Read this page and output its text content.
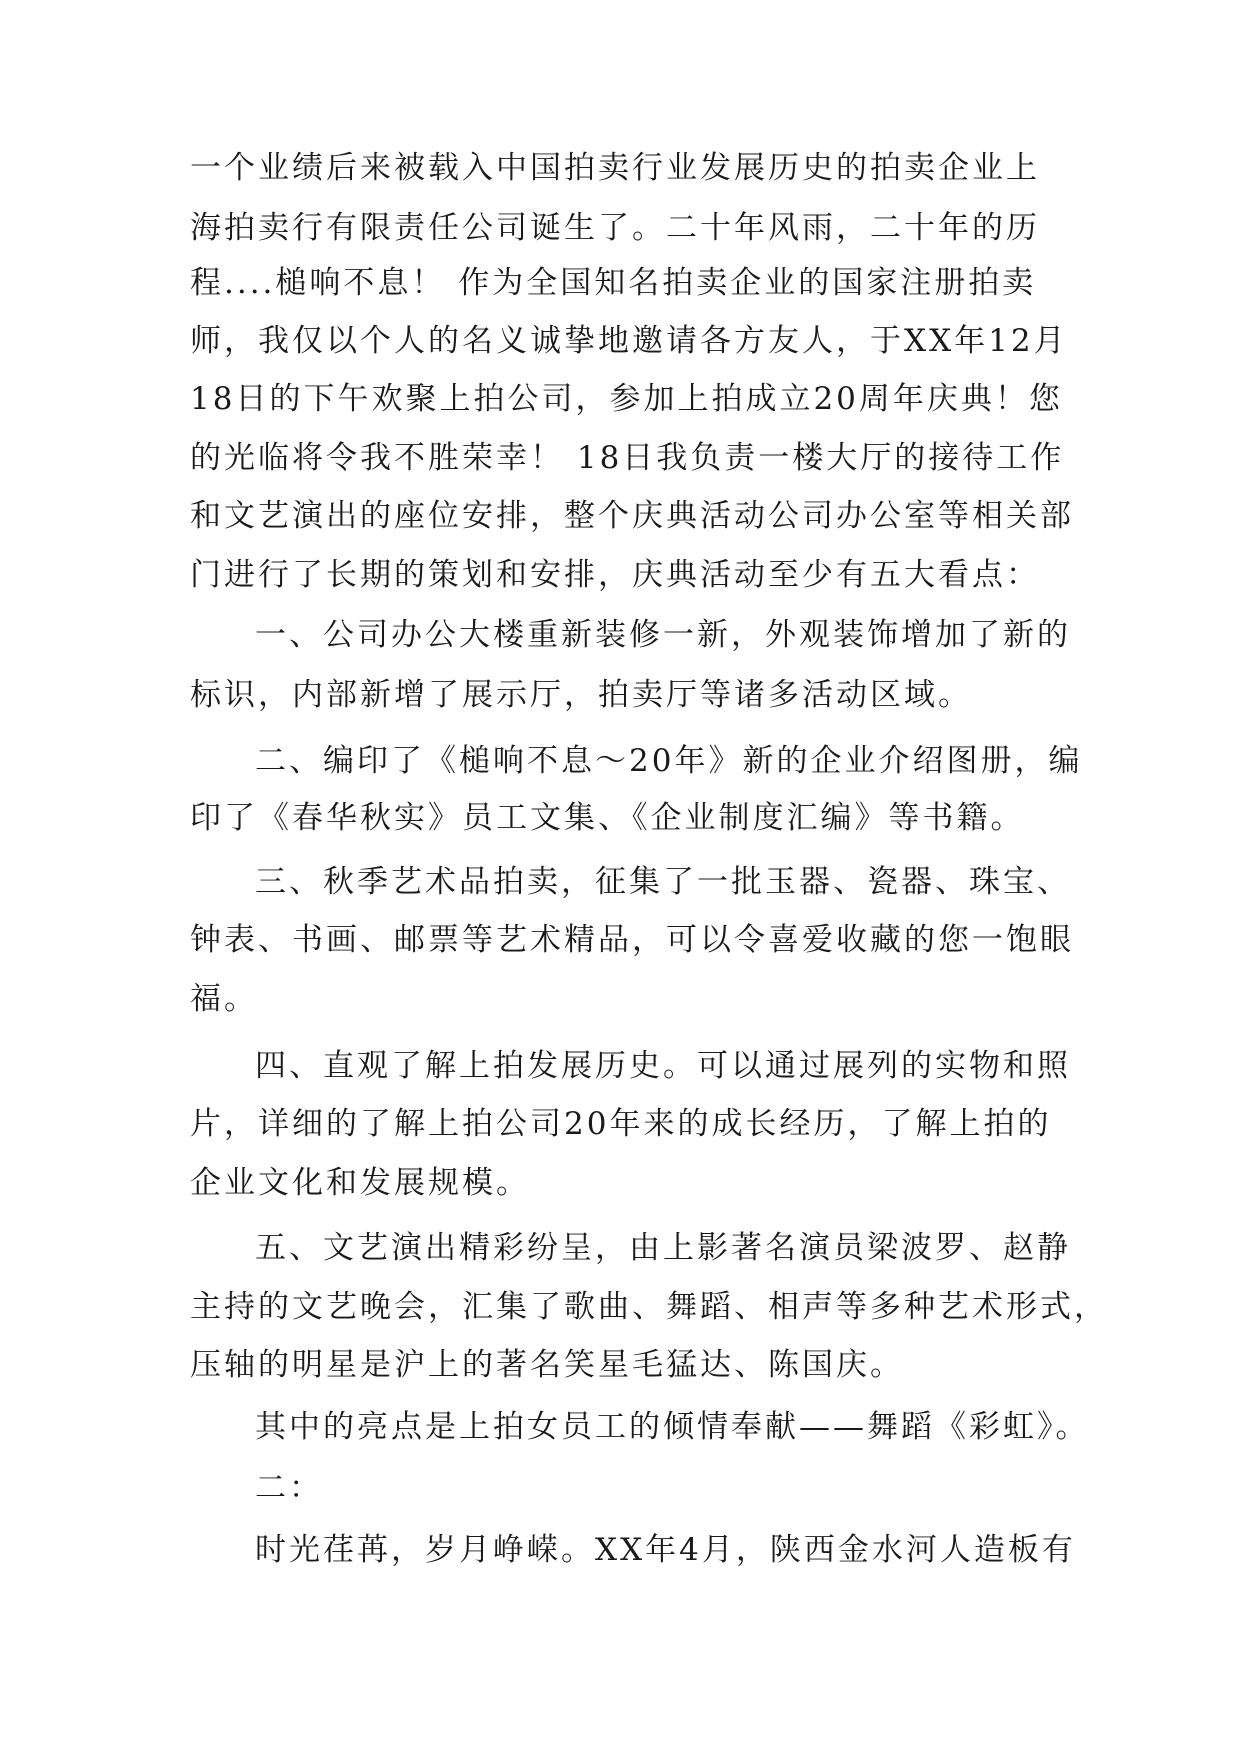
一个业绩后来被载入中国拍卖行业发展历史的拍卖企业上
海拍卖行有限责任公司诞生了。二十年风雨，二十年的历
程....槌响不息！ 作为全国知名拍卖企业的国家注册拍卖
师，我仅以个人的名义诚挚地邀请各方友人，于XX年12月
18日的下午欢聚上拍公司，参加上拍成立20周年庆典！您
的光临将令我不胜荣幸！ 18日我负责一楼大厅的接待工作
和文艺演出的座位安排，整个庆典活动公司办公室等相关部
门进行了长期的策划和安排，庆典活动至少有五大看点：
一、公司办公大楼重新装修一新，外观装饰增加了新的
标识，内部新增了展示厅，拍卖厅等诸多活动区域。
二、编印了《槌响不息～20年》新的企业介绍图册，编
印了《春华秋实》员工文集、《企业制度汇编》等书籍。
三、秋季艺术品拍卖，征集了一批玉器、瓷器、珠宝、
钟表、书画、邮票等艺术精品，可以令喜爱收藏的您一饱眼
福。
四、直观了解上拍发展历史。可以通过展列的实物和照
片，详细的了解上拍公司20年来的成长经历，了解上拍的
企业文化和发展规模。
五、文艺演出精彩纷呈，由上影著名演员梁波罗、赵静
主持的文艺晚会，汇集了歌曲、舞蹈、相声等多种艺术形式，
压轴的明星是沪上的著名笑星毛猛达、陈国庆。
其中的亮点是上拍女员工的倾情奉献——舞蹈《彩虹》。
二：
时光荏苒，岁月峥嵘。XX年4月，陕西金水河人造板有
